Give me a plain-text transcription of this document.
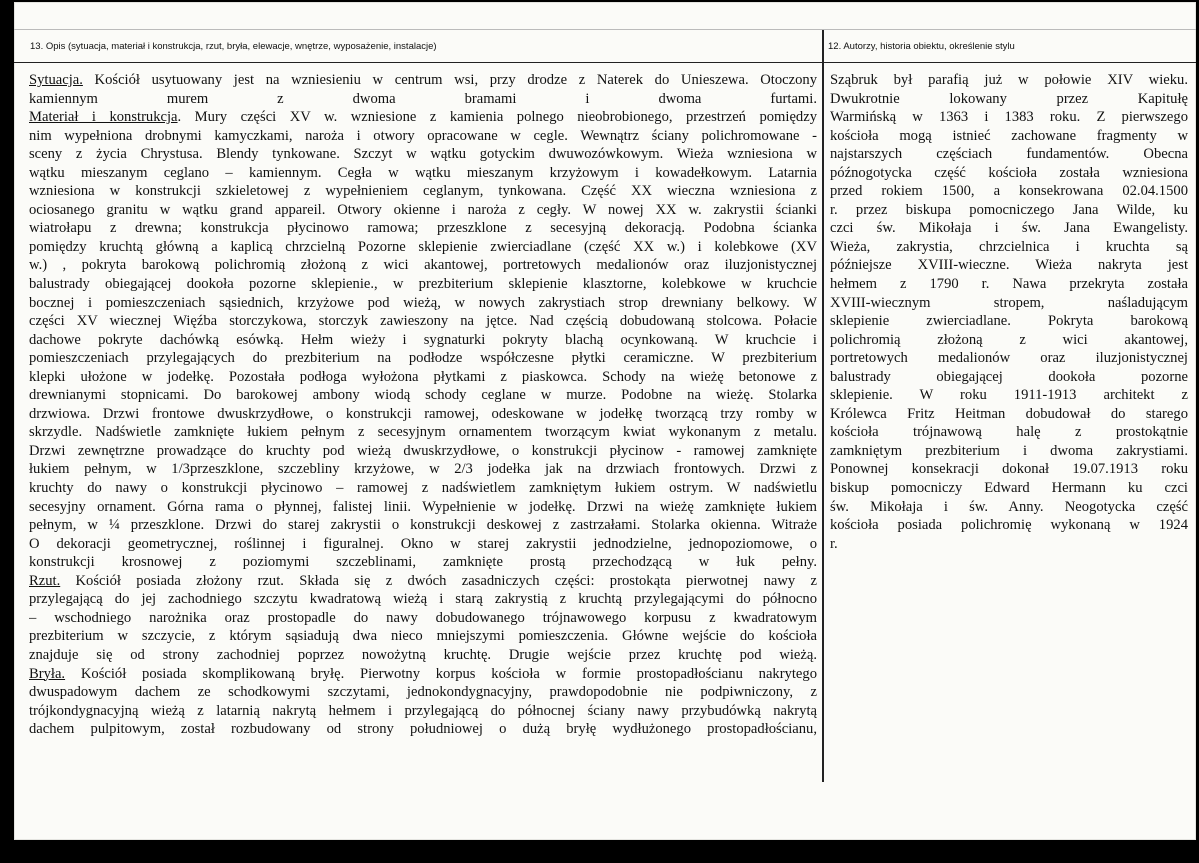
13. Opis (sytuacja, materiał i konstrukcja, rzut, bryła, elewacje, wnętrze, wyposażenie, instalacje)	12. Autorzy, historia obiektu, określenie stylu
Sytuacja. Kościół usytuowany jest na wzniesieniu w centrum wsi, przy drodze z Naterek do Unieszewa. Otoczony
kamiennym murem z dwoma bramami i dwoma furtami.
Materiał i konstrukcja. Mury części XV w. wzniesione z kamienia polnego nieobrobionego, przestrzeń pomiędzy
nim wypełniona drobnymi kamyczkami, naroża i otwory opracowane w cegle. Wewnątrz ściany polichromowane -
sceny z życia Chrystusa. Blendy tynkowane. Szczyt w wątku gotyckim dwuwozówkowym. Wieża wzniesiona w
wątku mieszanym ceglano – kamiennym. Cegła w wątku mieszanym krzyżowym i kowadełkowym. Latarnia
wzniesiona w konstrukcji szkieletowej z wypełnieniem ceglanym, tynkowana. Część XX wieczna wzniesiona z
ociosanego granitu w wątku grand appareil. Otwory okienne i naroża z cegły. W nowej XX w. zakrystii ścianki
wiatrołapu z drewna; konstrukcja płycinowo ramowa; przeszklone z secesyjną dekoracją. Podobna ścianka
pomiędzy kruchtą główną a kaplicą chrzcielną Pozorne sklepienie zwierciadlane (część XX w.) i kolebkowe (XV
w.) , pokryta barokową polichromią złożoną z wici akantowej, portretowych medalionów oraz iluzjonistycznej
balustrady obiegającej dookoła pozorne sklepienie., w prezbiterium sklepienie klasztorne, kolebkowe w kruchcie
bocznej i pomieszczeniach sąsiednich, krzyżowe pod wieżą, w nowych zakrystiach strop drewniany belkowy. W
części XV wiecznej Więźba storczykowa, storczyk zawieszony na jętce. Nad częścią dobudowaną stolcowa. Połacie
dachowe pokryte dachówką esówką. Hełm wieży i sygnaturki pokryty blachą ocynkowaną. W kruchcie i
pomieszczeniach przylegających do prezbiterium na podłodze współczesne płytki ceramiczne. W prezbiterium
klepki ułożone w jodełkę. Pozostała podłoga wyłożona płytkami z piaskowca. Schody na wieżę betonowe z
drewnianymi stopnicami. Do barokowej ambony wiodą schody ceglane w murze. Podobne na wieżę. Stolarka
drzwiowa. Drzwi frontowe dwuskrzydłowe, o konstrukcji ramowej, odeskowane w jodełkę tworzącą trzy romby w
skrzydle. Nadświetle zamknięte łukiem pełnym z secesyjnym ornamentem tworzącym kwiat wykonanym z metalu.
Drzwi zewnętrzne prowadzące do kruchty pod wieżą dwuskrzydłowe, o konstrukcji płycinow - ramowej zamknięte
łukiem pełnym, w 1/3przeszklone, szczebliny krzyżowe, w 2/3 jodełka jak na drzwiach frontowych. Drzwi z
kruchty do nawy o konstrukcji płycinowo – ramowej z nadświetlem zamkniętym łukiem ostrym. W nadświetlu
secesyjny ornament. Górna rama o płynnej, falistej linii. Wypełnienie w jodełkę. Drzwi na wieżę zamknięte łukiem
pełnym, w ¼ przeszklone. Drzwi do starej zakrystii o konstrukcji deskowej z zastrzałami. Stolarka okienna. Witraże
O dekoracji geometrycznej, roślinnej i figuralnej. Okno w starej zakrystii jednodzielne, jednopoziomowe, o
konstrukcji krosnowej z poziomymi szczeblinami, zamknięte prostą przechodzącą w łuk pełny.
Rzut. Kościół posiada złożony rzut. Składa się z dwóch zasadniczych części: prostokąta pierwotnej nawy z
przylegającą do jej zachodniego szczytu kwadratową wieżą i starą zakrystią z kruchtą przylegającymi do północno
– wschodniego narożnika oraz prostopadle do nawy dobudowanego trójnawowego korpusu z kwadratowym
prezbiterium w szczycie, z którym sąsiadują dwa nieco mniejszymi pomieszczenia. Główne wejście do kościoła
znajduje się od strony zachodniej poprzez nowożytną kruchtę. Drugie wejście przez kruchtę pod wieżą.
Bryła. Kościół posiada skomplikowaną bryłę. Pierwotny korpus kościoła w formie prostopadłościanu nakrytego
dwuspadowym dachem ze schodkowymi szczytami, jednokondygnacyjny, prawdopodobnie nie podpiwniczony, z
trójkondygnacyjną wieżą z latarnią nakrytą hełmem i przylegającą do północnej ściany nawy przybudówką nakrytą
dachem pulpitowym, został rozbudowany od strony południowej o dużą bryłę wydłużonego prostopadłościanu,
Sząbruk był parafią już w połowie XIV wieku.
Dwukrotnie lokowany przez Kapitułę
Warmińską w 1363 i 1383 roku. Z pierwszego
kościoła mogą istnieć zachowane fragmenty w
najstarszych częściach fundamentów. Obecna
późnogotycka część kościoła została wzniesiona
przed rokiem 1500, a konsekrowana 02.04.1500
r. przez biskupa pomocniczego Jana Wilde, ku
czci św. Mikołaja i św. Jana Ewangelisty.
Wieża, zakrystia, chrzcielnica i kruchta są
późniejsze XVIII-wieczne. Wieża nakryta jest
hełmem z 1790 r. Nawa przekryta została
XVIII-wiecznym stropem, naśladującym
sklepienie zwierciadlane. Pokryta barokową
polichromią złożoną z wici akantowej,
portretowych medalionów oraz iluzjonistycznej
balustrady obiegającej dookoła pozorne
sklepienie. W roku 1911-1913 architekt z
Królewca Fritz Heitman dobudował do starego
kościoła trójnawową halę z prostokątnie
zamkniętym prezbiterium i dwoma zakrystiami.
Ponownej konsekracji dokonał 19.07.1913 roku
biskup pomocniczy Edward Hermann ku czci
św. Mikołaja i św. Anny. Neogotycka część
kościoła posiada polichromię wykonaną w 1924
r.
